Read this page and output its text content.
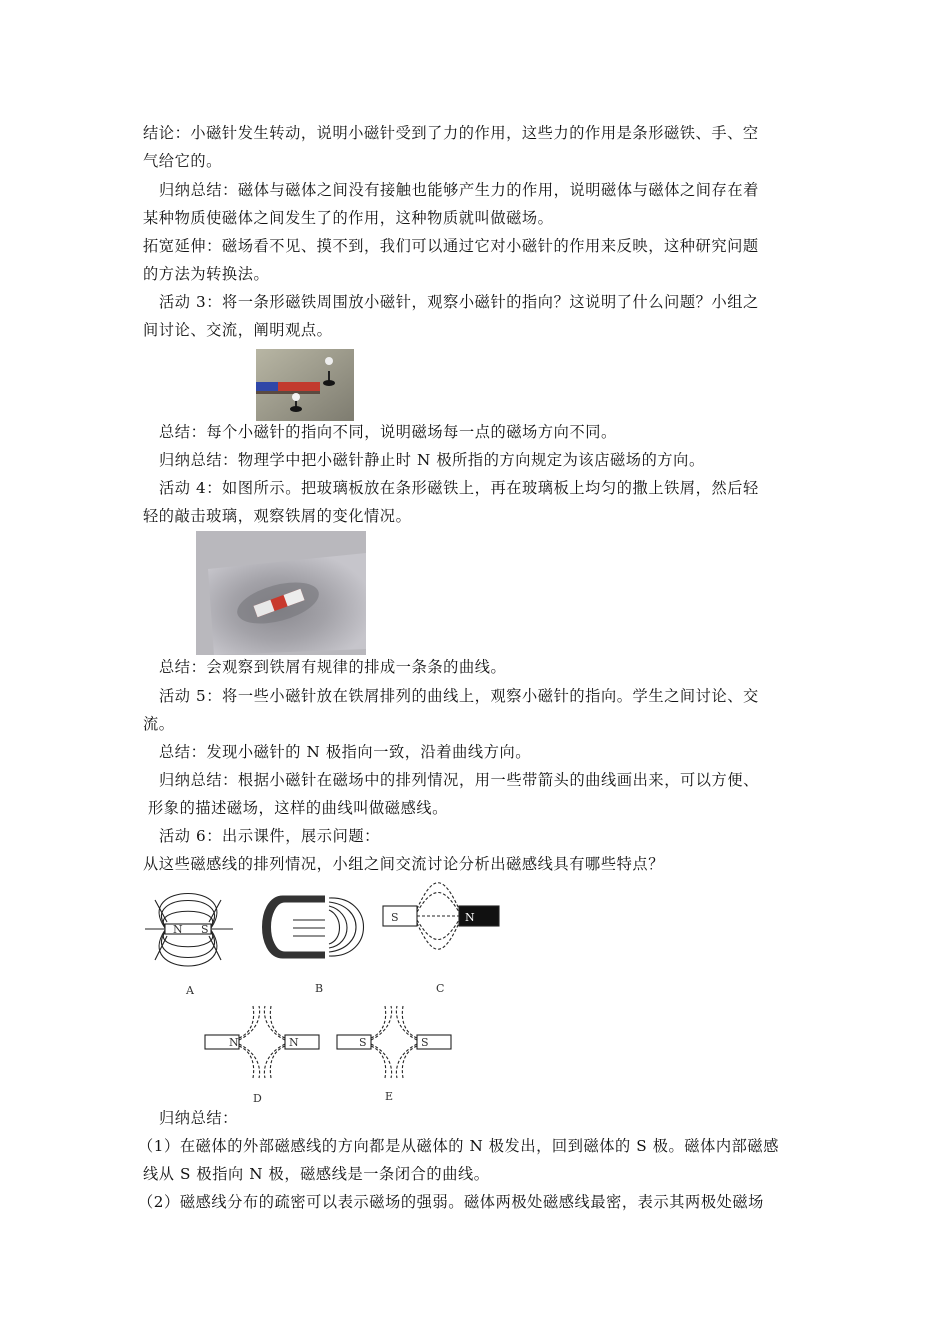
结论：小磁针发生转动，说明小磁针受到了力的作用，这些力的作用是条形磁铁、手、空
气给它的。
归纳总结：磁体与磁体之间没有接触也能够产生力的作用，说明磁体与磁体之间存在着
某种物质使磁体之间发生了的作用，这种物质就叫做磁场。
拓宽延伸：磁场看不见、摸不到，我们可以通过它对小磁针的作用来反映，这种研究问题
的方法为转换法。
活动 3：将一条形磁铁周围放小磁针，观察小磁针的指向？这说明了什么问题？小组之
间讨论、交流，阐明观点。
总结：每个小磁针的指向不同，说明磁场每一点的磁场方向不同。
归纳总结：物理学中把小磁针静止时 N 极所指的方向规定为该店磁场的方向。
活动 4：如图所示。把玻璃板放在条形磁铁上，再在玻璃板上均匀的撒上铁屑，然后轻
轻的敲击玻璃，观察铁屑的变化情况。
总结：会观察到铁屑有规律的排成一条条的曲线。
活动 5：将一些小磁针放在铁屑排列的曲线上，观察小磁针的指向。学生之间讨论、交
流。
总结：发现小磁针的 N 极指向一致，沿着曲线方向。
归纳总结：根据小磁针在磁场中的排列情况，用一些带箭头的曲线画出来，可以方便、
形象的描述磁场，这样的曲线叫做磁感线。
活动 6：出示课件，展示问题：
从这些磁感线的排列情况，小组之间交流讨论分析出磁感线具有哪些特点？
N S
S	N
N	N	S	S
A	B	C
D	E
归纳总结：
（1）在磁体的外部磁感线的方向都是从磁体的 N 极发出，回到磁体的 S 极。磁体内部磁感
线从 S 极指向 N 极，磁感线是一条闭合的曲线。
（2）磁感线分布的疏密可以表示磁场的强弱。磁体两极处磁感线最密，表示其两极处磁场
